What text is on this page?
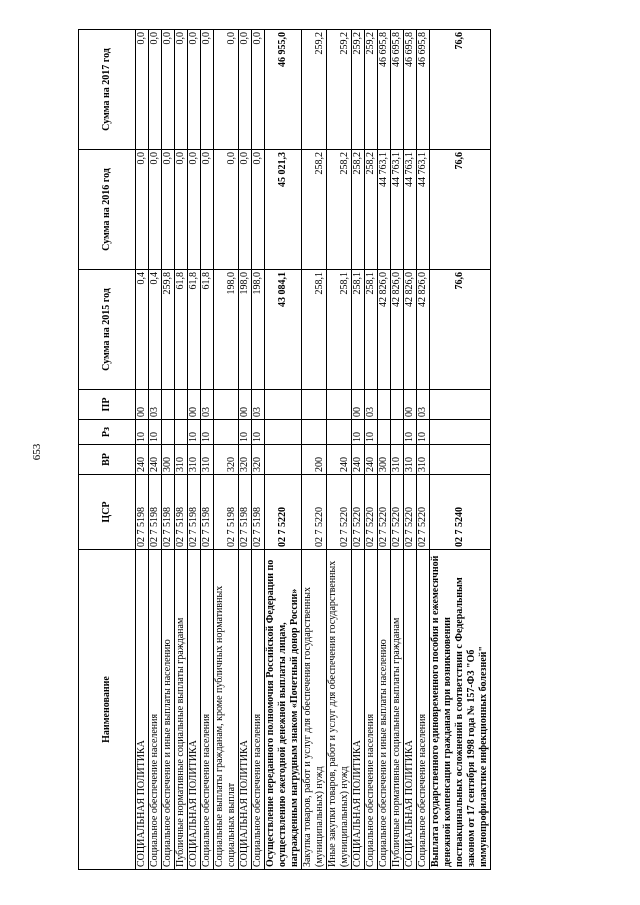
653
Наименование	ЦСР	ВР	Рз	ПР	Сумма на 2015 год	Сумма на 2016 год	Сумма на 2017 год
СОЦИАЛЬНАЯ ПОЛИТИКА	02 7 5198	240	10	00	0,4	0,0	0,0
Социальное обеспечение населения	02 7 5198	240	10	03	0,4	0,0	0,0
Социальное обеспечение и иные выплаты населению	02 7 5198	300			259,8	0,0	0,0
Публичные нормативные социальные выплаты гражданам	02 7 5198	310			61,8	0,0	0,0
СОЦИАЛЬНАЯ ПОЛИТИКА	02 7 5198	310	10	00	61,8	0,0	0,0
Социальное обеспечение населения	02 7 5198	310	10	03	61,8	0,0	0,0
Социальные выплаты гражданам, кроме публичных нормативных социальных выплат	02 7 5198	320			198,0	0,0	0,0
СОЦИАЛЬНАЯ ПОЛИТИКА	02 7 5198	320	10	00	198,0	0,0	0,0
Социальное обеспечение населения	02 7 5198	320	10	03	198,0	0,0	0,0
Осуществление переданного полномочия Российской Федерации по осуществлению ежегодной денежной выплаты лицам, награжденным нагрудным знаком «Почетный донор России»	02 7 5220				43 084,1	45 021,3	46 955,0
Закупка товаров, работ и услуг для обеспечения государственных (муниципальных) нужд	02 7 5220	200			258,1	258,2	259,2
Иные закупки товаров, работ и услуг для обеспечения государственных (муниципальных) нужд	02 7 5220	240			258,1	258,2	259,2
СОЦИАЛЬНАЯ ПОЛИТИКА	02 7 5220	240	10	00	258,1	258,2	259,2
Социальное обеспечение населения	02 7 5220	240	10	03	258,1	258,2	259,2
Социальное обеспечение и иные выплаты населению	02 7 5220	300			42 826,0	44 763,1	46 695,8
Публичные нормативные социальные выплаты гражданам	02 7 5220	310			42 826,0	44 763,1	46 695,8
СОЦИАЛЬНАЯ ПОЛИТИКА	02 7 5220	310	10	00	42 826,0	44 763,1	46 695,8
Социальное обеспечение населения	02 7 5220	310	10	03	42 826,0	44 763,1	46 695,8
Выплата государственного единовременного пособия и ежемесячной денежной компенсации гражданам при возникновении поствакцинальных осложнений в соответствии с Федеральным законом от 17 сентября 1998 года № 157-ФЗ "Об иммунопрофилактике инфекционных болезней"	02 7 5240				76,6	76,6	76,6
